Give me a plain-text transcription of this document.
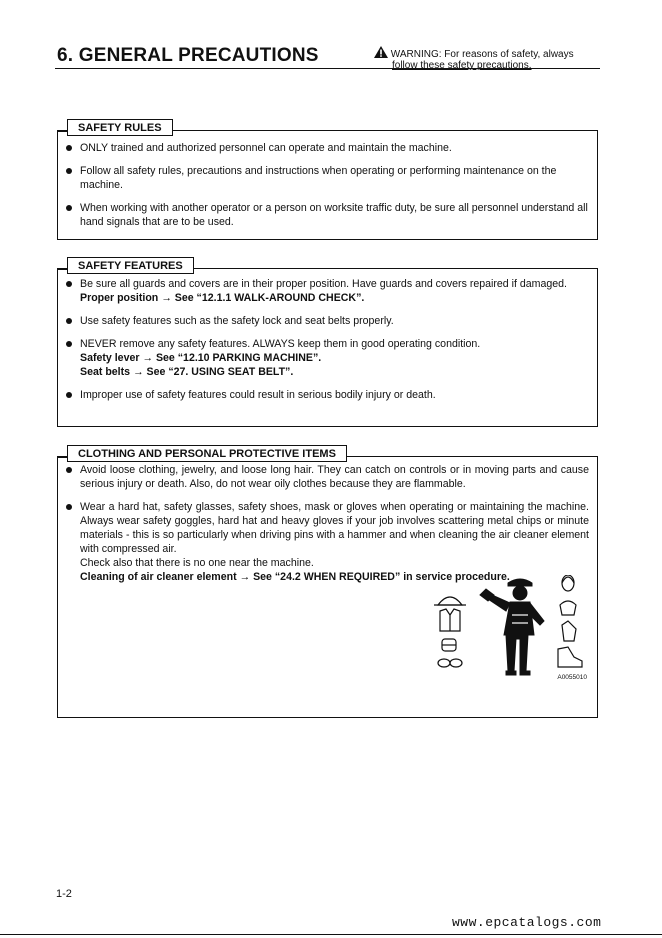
6. GENERAL PRECAUTIONS	WARNING: For reasons of safety, always
follow these safety precautions.
SAFETY RULES
ONLY trained and authorized personnel can operate and maintain the machine.
Follow all safety rules, precautions and instructions when operating or performing maintenance on the machine.
When working with another operator or a person on worksite traffic duty, be sure all personnel understand all hand signals that are to be used.
SAFETY FEATURES
Be sure all guards and covers are in their proper position. Have guards and covers repaired if damaged.
Proper position → See “12.1.1 WALK-AROUND CHECK”.
Use safety features such as the safety lock and seat belts properly.
NEVER remove any safety features. ALWAYS keep them in good operating condition.
Safety lever → See “12.10 PARKING MACHINE”.
Seat belts → See “27. USING SEAT BELT”.
Improper use of safety features could result in serious bodily injury or death.
CLOTHING AND PERSONAL PROTECTIVE ITEMS
Avoid loose clothing, jewelry, and loose long hair. They can catch on controls or in moving parts and cause serious injury or death. Also, do not wear oily clothes because they are flammable.
Wear a hard hat, safety glasses, safety shoes, mask or gloves when operating or maintaining the machine. Always wear safety goggles, hard hat and heavy gloves if your job involves scattering metal chips or minute materials - this is so particularly when driving pins with a hammer and when cleaning the air cleaner element with compressed air.
Check also that there is no one near the machine.
Cleaning of air cleaner element → See “24.2 WHEN REQUIRED” in service procedure.
A0055010
1-2
www.epcatalogs.com
